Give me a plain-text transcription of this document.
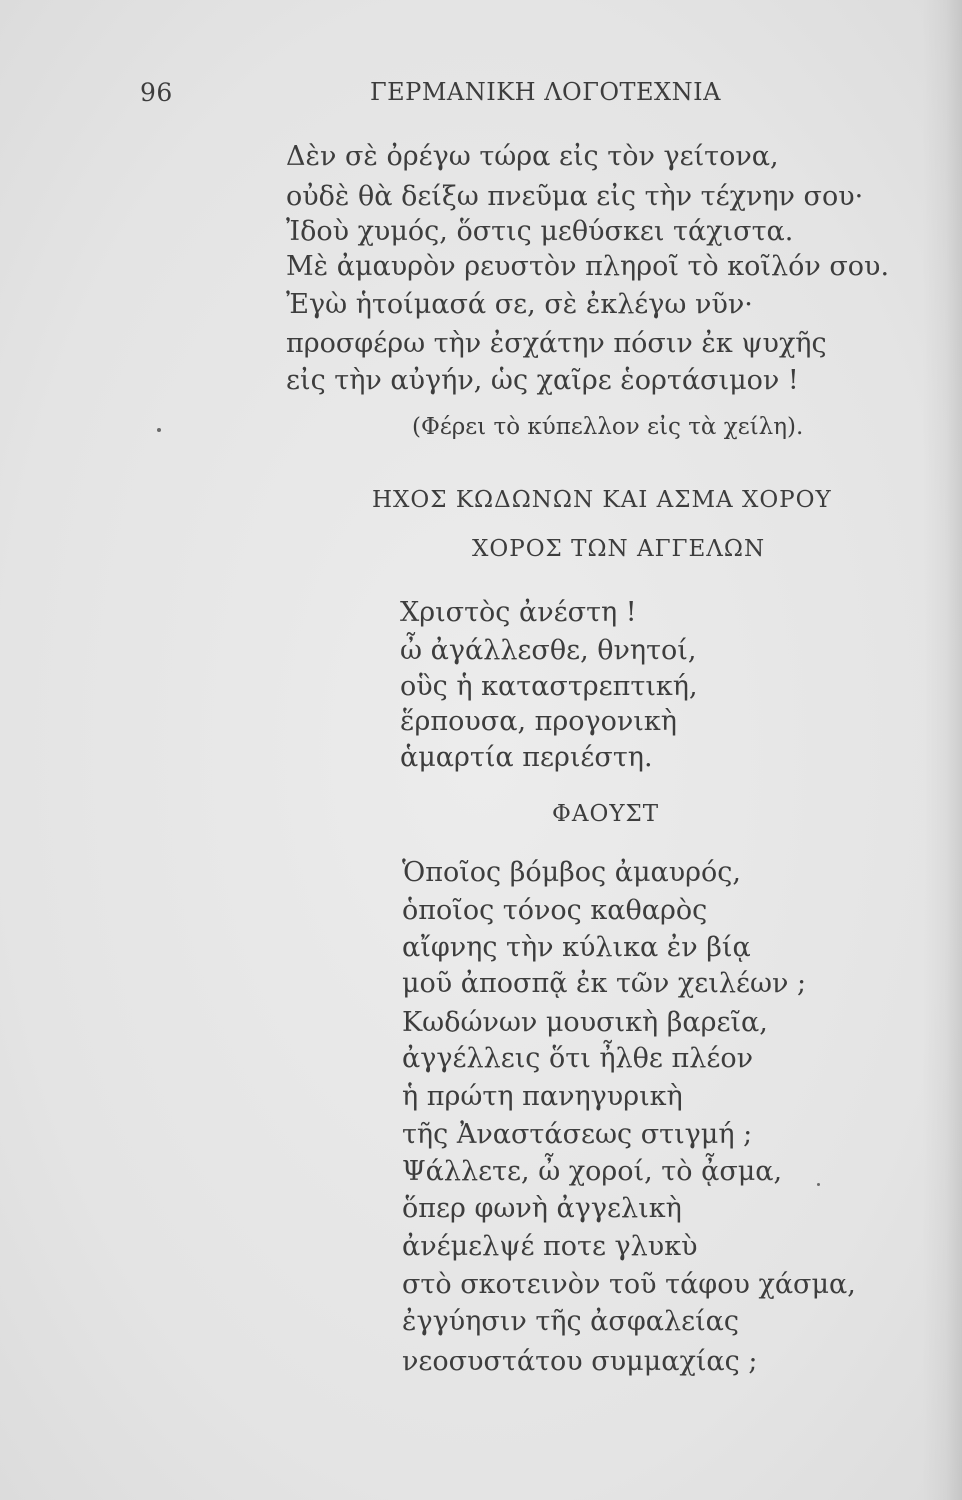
96	ΓΕΡΜΑΝΙΚΗ ΛΟΓΟΤΕΧΝΙΑ
Δὲν σὲ ὀρέγω τώρα εἰς τὸν γείτονα,
οὐδὲ θὰ δείξω πνεῦμα εἰς τὴν τέχνην σου·
Ἰδοὺ χυμός, ὅστις μεθύσκει τάχιστα.
Μὲ ἀμαυρὸν ρευστὸν πληροῖ τὸ κοῖλόν σου.
Ἐγὼ ἡτοίμασά σε, σὲ ἐκλέγω νῦν·
προσφέρω τὴν ἐσχάτην πόσιν ἐκ ψυχῆς
εἰς τὴν αὐγήν, ὡς χαῖρε ἑορτάσιμον !
(Φέρει τὸ κύπελλον εἰς τὰ χείλη).
ΗΧΟΣ ΚΩΔΩΝΩΝ ΚΑΙ ΑΣΜΑ ΧΟΡΟΥ
ΧΟΡΟΣ ΤΩΝ ΑΓΓΕΛΩΝ
Χριστὸς ἀνέστη !
ὦ ἀγάλλεσθε, θνητοί,
οὓς ἡ καταστρεπτική,
ἕρπουσα, προγονικὴ
ἁμαρτία περιέστη.
ΦΑΟΥΣΤ
Ὁποῖος βόμβος ἀμαυρός,
ὁποῖος τόνος καθαρὸς
αἴφνης τὴν κύλικα ἐν βίᾳ
μοῦ ἀποσπᾷ ἐκ τῶν χειλέων ;
Κωδώνων μουσικὴ βαρεῖα,
ἀγγέλλεις ὅτι ἦλθε πλέον
ἡ πρώτη πανηγυρικὴ
τῆς Ἀναστάσεως στιγμή ;
Ψάλλετε, ὦ χοροί, τὸ ᾆσμα,
ὅπερ φωνὴ ἀγγελικὴ
ἀνέμελψέ ποτε γλυκὺ
στὸ σκοτεινὸν τοῦ τάφου χάσμα,
ἐγγύησιν τῆς ἀσφαλείας
νεοσυστάτου συμμαχίας ;
